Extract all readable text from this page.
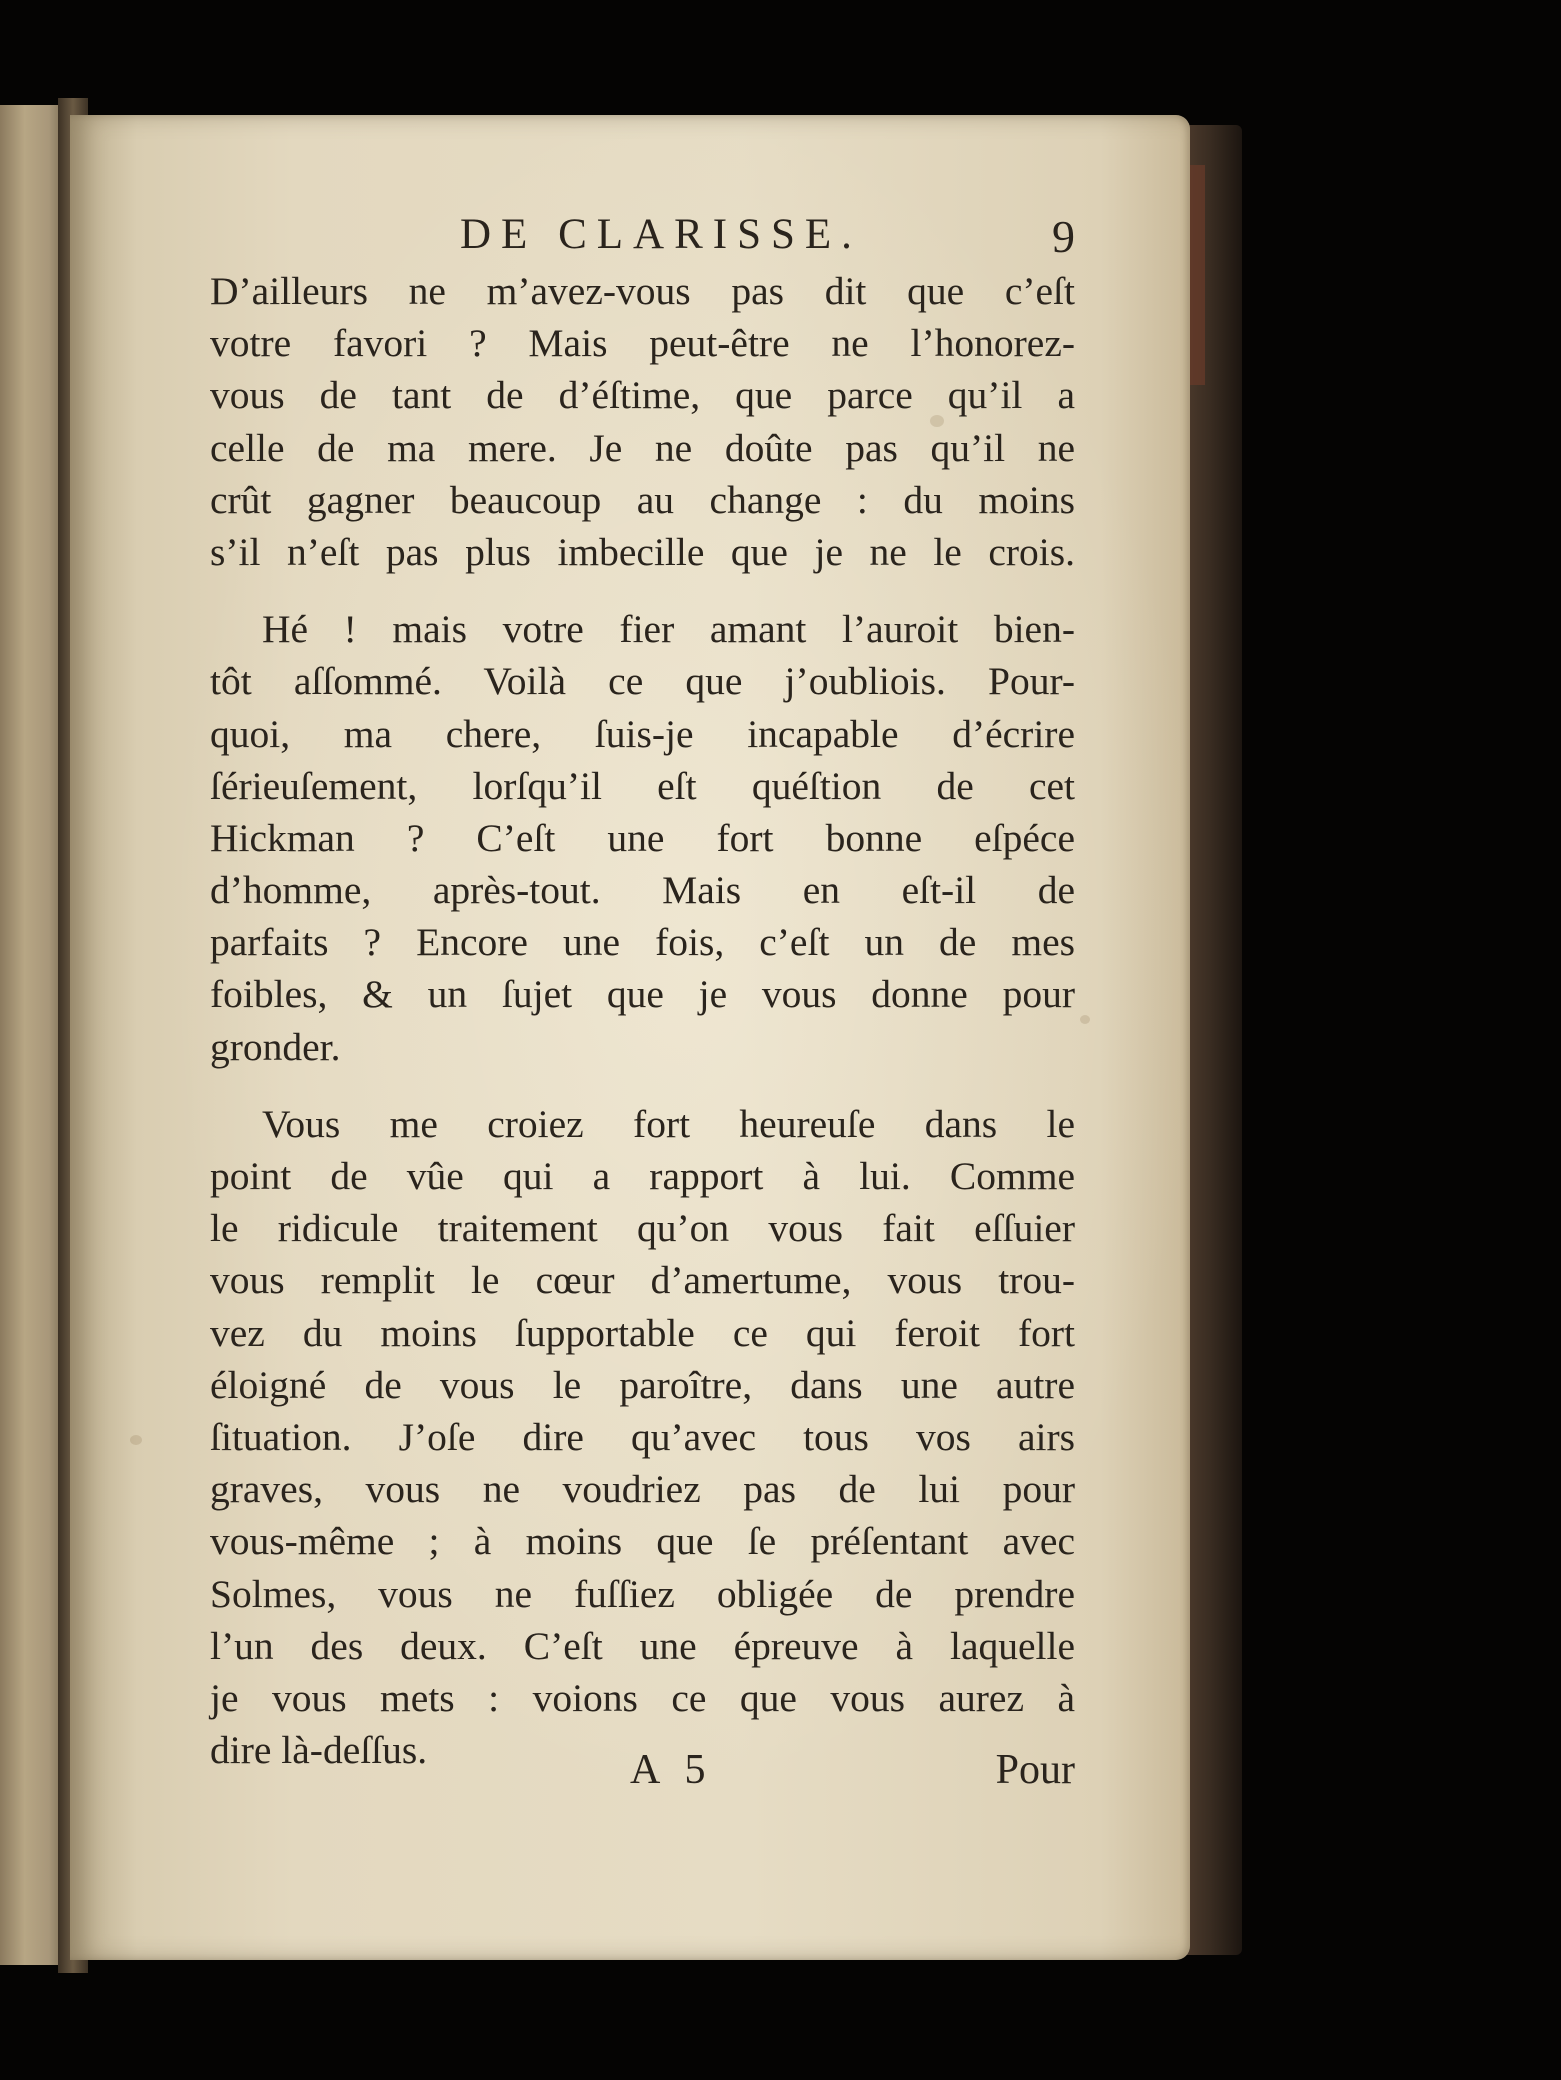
DE CLARISSE.	9
D’ailleurs ne m’avez-vous pas dit que c’eſt
votre favori ? Mais peut-être ne l’honorez-
vous de tant de d’éſtime, que parce qu’il a
celle de ma mere. Je ne doûte pas qu’il ne
crût gagner beaucoup au change : du moins
s’il n’eſt pas plus imbecille que je ne le crois.
Hé ! mais votre fier amant l’auroit bien-
tôt aſſommé. Voilà ce que j’oubliois. Pour-
quoi, ma chere, ſuis-je incapable d’écrire
ſérieuſement, lorſqu’il eſt quéſtion de cet
Hickman ? C’eſt une fort bonne eſpéce
d’homme, après-tout. Mais en eſt-il de
parfaits ? Encore une fois, c’eſt un de mes
foibles, & un ſujet que je vous donne pour
gronder.
Vous me croiez fort heureuſe dans le
point de vûe qui a rapport à lui. Comme
le ridicule traitement qu’on vous fait eſſuier
vous remplit le cœur d’amertume, vous trou-
vez du moins ſupportable ce qui feroit fort
éloigné de vous le paroître, dans une autre
ſituation. J’oſe dire qu’avec tous vos airs
graves, vous ne voudriez pas de lui pour
vous-même ; à moins que ſe préſentant avec
Solmes, vous ne fuſſiez obligée de prendre
l’un des deux. C’eſt une épreuve à laquelle
je vous mets : voions ce que vous aurez à
dire là-deſſus.	A 5	Pour
